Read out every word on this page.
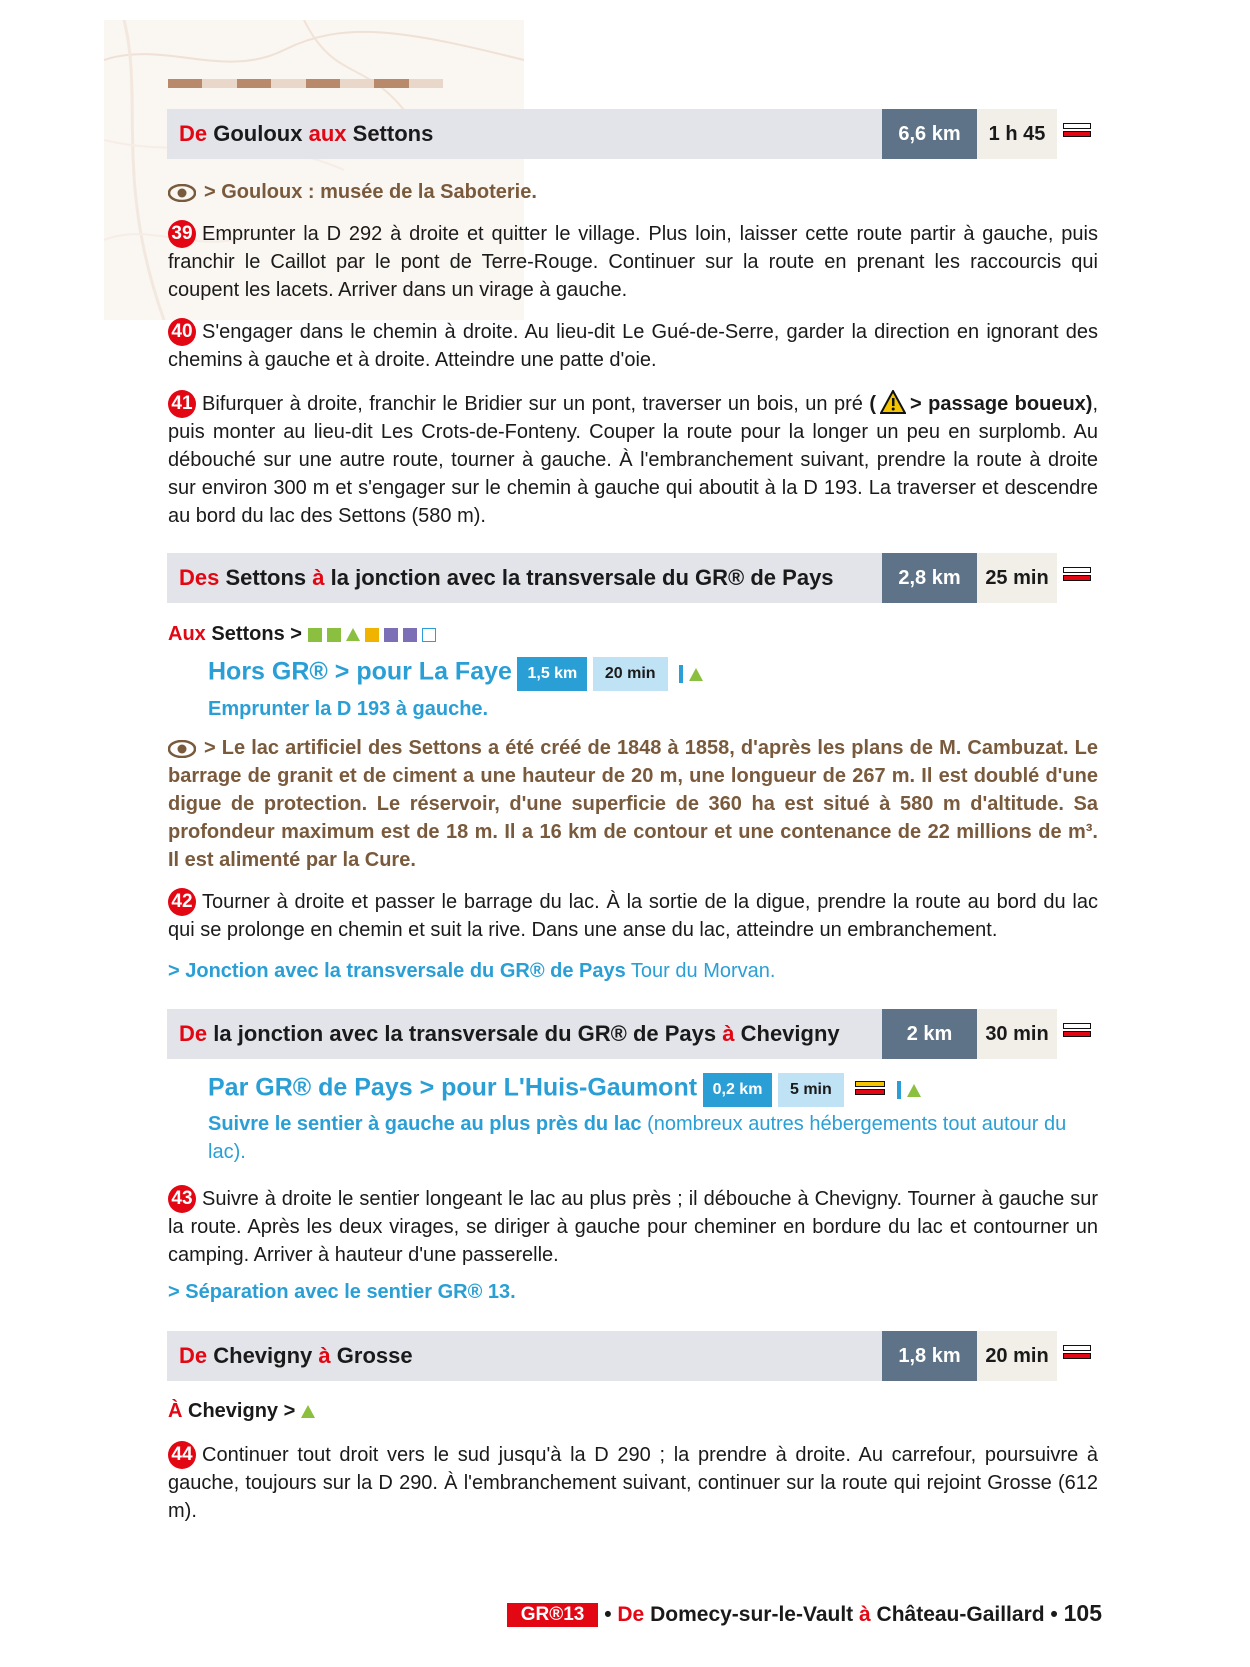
De Gouloux aux Settons	6,6 km	1 h 45
> Gouloux : musée de la Saboterie.
39 Emprunter la D 292 à droite et quitter le village. Plus loin, laisser cette route partir à gauche, puis franchir le Caillot par le pont de Terre-Rouge. Continuer sur la route en prenant les raccourcis qui coupent les lacets. Arriver dans un virage à gauche.
40 S'engager dans le chemin à droite. Au lieu-dit Le Gué-de-Serre, garder la direction en ignorant des chemins à gauche et à droite. Atteindre une patte d'oie.
41 Bifurquer à droite, franchir le Bridier sur un pont, traverser un bois, un pré ( > passage boueux), puis monter au lieu-dit Les Crots-de-Fonteny. Couper la route pour la longer un peu en surplomb. Au débouché sur une autre route, tourner à gauche. À l'embranchement suivant, prendre la route à droite sur environ 300 m et s'engager sur le chemin à gauche qui aboutit à la D 193. La traverser et descendre au bord du lac des Settons (580 m).
Des Settons à la jonction avec la transversale du GR® de Pays	2,8 km	25 min
Aux Settons >
Hors GR® > pour La Faye 1,5 km 20 min
Emprunter la D 193 à gauche.
> Le lac artificiel des Settons a été créé de 1848 à 1858, d'après les plans de M. Cambuzat. Le barrage de granit et de ciment a une hauteur de 20 m, une longueur de 267 m. Il est doublé d'une digue de protection. Le réservoir, d'une superficie de 360 ha est situé à 580 m d'altitude. Sa profondeur maximum est de 18 m. Il a 16 km de contour et une contenance de 22 millions de m³. Il est alimenté par la Cure.
42 Tourner à droite et passer le barrage du lac. À la sortie de la digue, prendre la route au bord du lac qui se prolonge en chemin et suit la rive. Dans une anse du lac, atteindre un embranchement.
> Jonction avec la transversale du GR® de Pays Tour du Morvan.
De la jonction avec la transversale du GR® de Pays à Chevigny	2 km	30 min
Par GR® de Pays > pour L'Huis-Gaumont 0,2 km 5 min

Suivre le sentier à gauche au plus près du lac (nombreux autres hébergements tout autour du lac).
43 Suivre à droite le sentier longeant le lac au plus près ; il débouche à Chevigny. Tourner à gauche sur la route. Après les deux virages, se diriger à gauche pour cheminer en bordure du lac et contourner un camping. Arriver à hauteur d'une passerelle.
> Séparation avec le sentier GR® 13.
De Chevigny à Grosse	1,8 km	20 min
À Chevigny >
44 Continuer tout droit vers le sud jusqu'à la D 290 ; la prendre à droite. Au carrefour, poursuivre à gauche, toujours sur la D 290. À l'embranchement suivant, continuer sur la route qui rejoint Grosse (612 m).
GR®13 • De Domecy-sur-le-Vault à Château-Gaillard • 105
